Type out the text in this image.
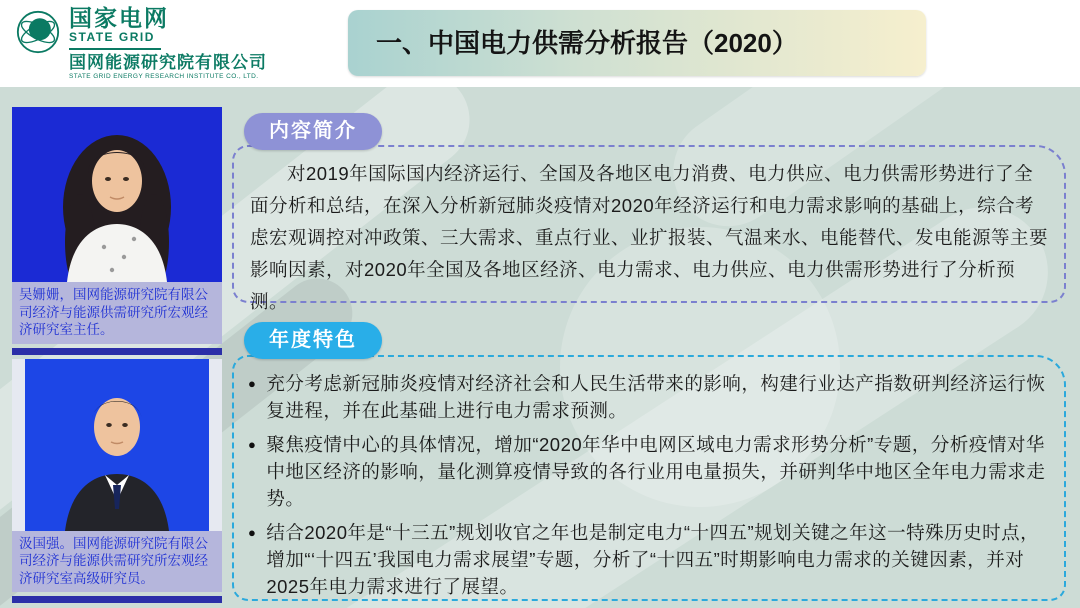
国家电网
STATE GRID
国网能源研究院有限公司
STATE GRID ENERGY RESEARCH INSTITUTE CO., LTD.
一、中国电力供需分析报告（2020）
吴姗姗，国网能源研究院有限公司经济与能源供需研究所宏观经济研究室主任。
汲国强。国网能源研究院有限公司经济与能源供需研究所宏观经济研究室高级研究员。
内容简介

对2019年国际国内经济运行、全国及各地区电力消费、电力供应、电力供需形势进行了全面分析和总结，在深入分析新冠肺炎疫情对2020年经济运行和电力需求影响的基础上，综合考虑宏观调控对冲政策、三大需求、重点行业、业扩报装、气温来水、电能替代、发电能源等主要影响因素，对2020年全国及各地区经济、电力需求、电力供应、电力供需形势进行了分析预测。

年度特色
● 充分考虑新冠肺炎疫情对经济社会和人民生活带来的影响，构建行业达产指数研判经济运行恢复进程，并在此基础上进行电力需求预测。
● 聚焦疫情中心的具体情况，增加“2020年华中电网区域电力需求形势分析”专题，分析疫情对华中地区经济的影响，量化测算疫情导致的各行业用电量损失，并研判华中地区全年电力需求走势。
● 结合2020年是“十三五”规划收官之年也是制定电力“十四五”规划关键之年这一特殊历史时点，增加“‘十四五’我国电力需求展望”专题，分析了“十四五”时期影响电力需求的关键因素，并对2025年电力需求进行了展望。
